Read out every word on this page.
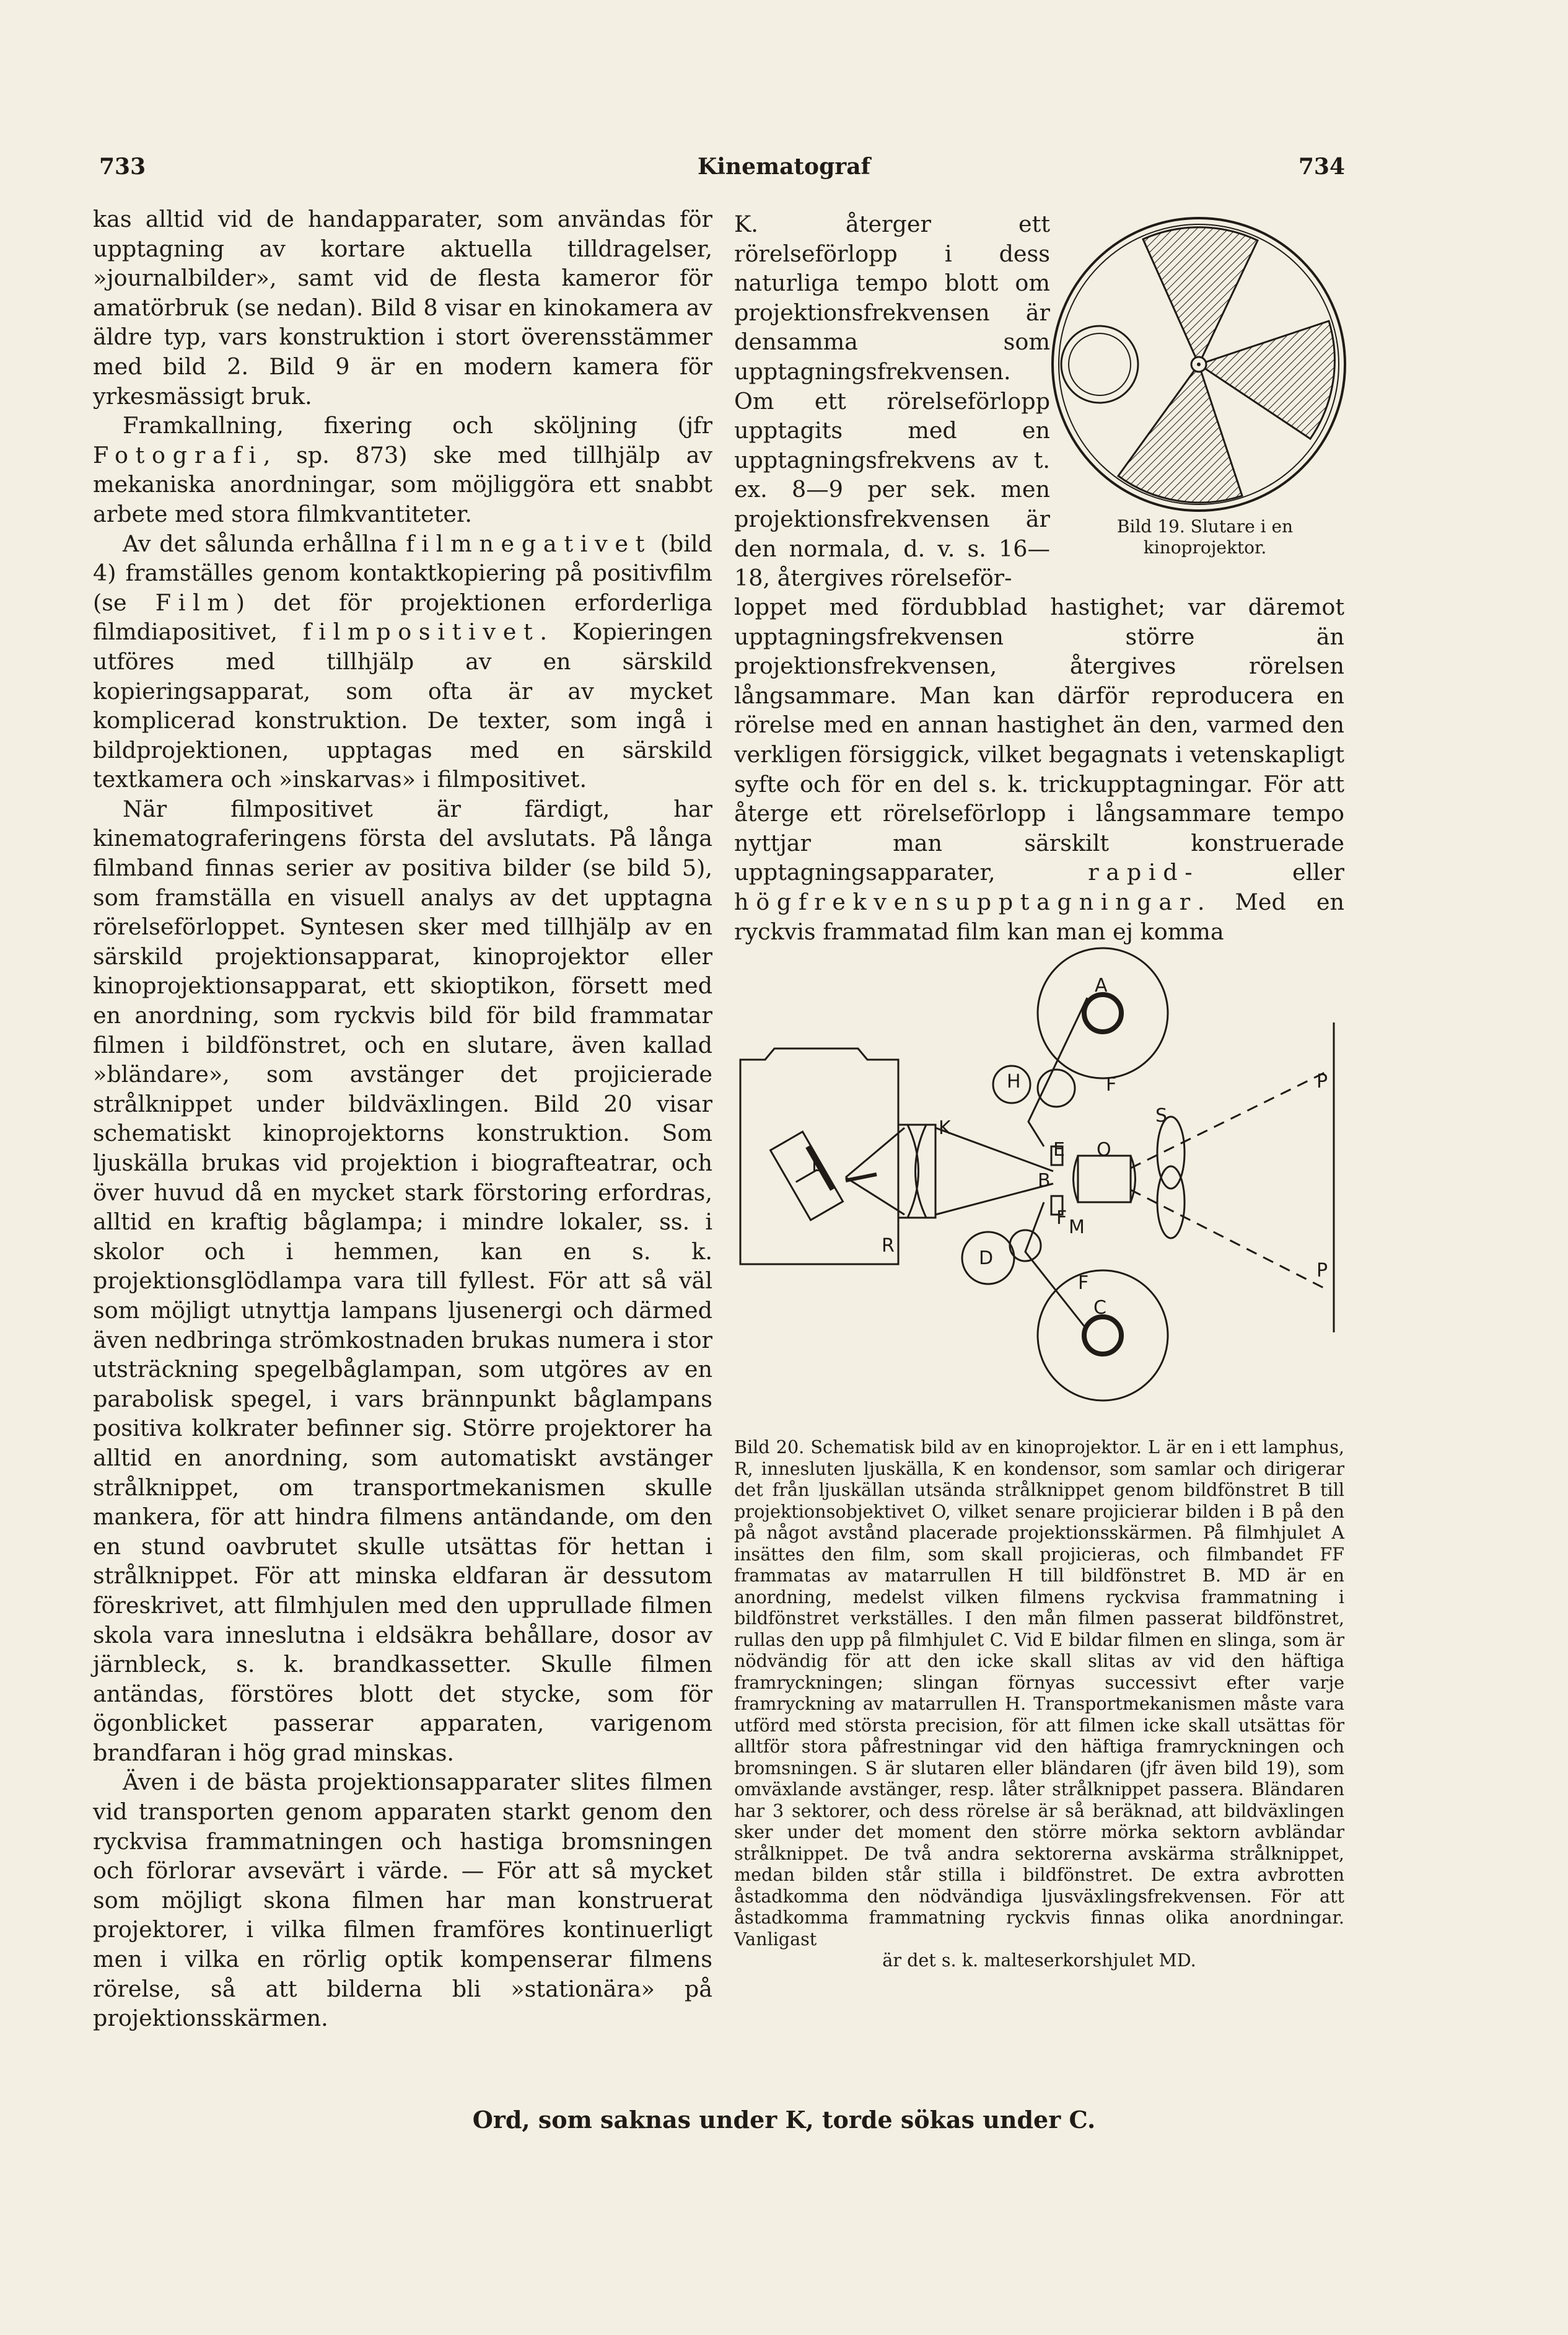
733	Kinematograf	734

kas alltid vid de handapparater, som användas för upptagning av kortare aktuella tilldragelser, »journalbilder», samt vid de flesta kameror för amatörbruk (se nedan). Bild 8 visar en kinokamera av äldre typ, vars konstruktion i stort överensstämmer med bild 2. Bild 9 är en modern kamera för yrkesmässigt bruk.

Framkallning, fixering och sköljning (jfr Fotografi, sp. 873) ske med tillhjälp av mekaniska anordningar, som möjliggöra ett snabbt arbete med stora filmkvantiteter.

Av det sålunda erhållna filmnegativet (bild 4) framställes genom kontaktkopiering på positivfilm (se Film) det för projektionen erforderliga filmdiapositivet, filmpositivet. Kopieringen utföres med tillhjälp av en särskild kopieringsapparat, som ofta är av mycket komplicerad konstruktion. De texter, som ingå i bildprojektionen, upptagas med en särskild textkamera och »inskarvas» i filmpositivet.

När filmpositivet är färdigt, har kinematograferingens första del avslutats. På långa filmband finnas serier av positiva bilder (se bild 5), som framställa en visuell analys av det upptagna rörelseförloppet. Syntesen sker med tillhjälp av en särskild projektionsapparat, kinoprojektor eller kinoprojektionsapparat, ett skioptikon, försett med en anordning, som ryckvis bild för bild frammatar filmen i bildfönstret, och en slutare, även kallad »bländare», som avstänger det projicierade strålknippet under bildväxlingen. Bild 20 visar schematiskt kinoprojektorns konstruktion. Som ljuskälla brukas vid projektion i biografteatrar, och över huvud då en mycket stark förstoring erfordras, alltid en kraftig båglampa; i mindre lokaler, ss. i skolor och i hemmen, kan en s. k. projektionsglödlampa vara till fyllest. För att så väl som möjligt utnyttja lampans ljusenergi och därmed även nedbringa strömkostnaden brukas numera i stor utsträckning spegelbåglampan, som utgöres av en parabolisk spegel, i vars brännpunkt båglampans positiva kolkrater befinner sig. Större projektorer ha alltid en anordning, som automatiskt avstänger strålknippet, om transportmekanismen skulle mankera, för att hindra filmens antändande, om den en stund oavbrutet skulle utsättas för hettan i strålknippet. För att minska eldfaran är dessutom föreskrivet, att filmhjulen med den upprullade filmen skola vara inneslutna i eldsäkra behållare, dosor av järnbleck, s. k. brandkassetter. Skulle filmen antändas, förstöres blott det stycke, som för ögonblicket passerar apparaten, varigenom brandfaran i hög grad minskas.

Även i de bästa projektionsapparater slites filmen vid transporten genom apparaten starkt genom den ryckvisa frammatningen och hastiga bromsningen och förlorar avsevärt i värde. — För att så mycket som möjligt skona filmen har man konstruerat projektorer, i vilka filmen framföres kontinuerligt men i vilka en rörlig optik kompenserar filmens rörelse, så att bilderna bli »stationära» på projektionsskärmen.

K. återger ett rörelseförlopp i dess naturliga tempo blott om projektionsfrekvensen är densamma som upptagningsfrekvensen. Om ett rörelseförlopp upptagits med en upptagningsfrekvens av t. ex. 8—9 per sek. men projektionsfrekvensen är den normala, d. v. s. 16—18, återgives rörelseför-

Bild 19. Slutare i en kinoprojektor.

loppet med fördubblad hastighet; var däremot upptagningsfrekvensen större än projektionsfrekvensen, återgives rörelsen långsammare. Man kan därför reproducera en rörelse med en annan hastighet än den, varmed den verkligen försiggick, vilket begagnats i vetenskapligt syfte och för en del s. k. trickupptagningar. För att återge ett rörelseförlopp i långsammare tempo nyttjar man särskilt konstruerade upptagningsapparater, rapid- eller högfrekvensupptagningar. Med en ryckvis frammatad film kan man ej komma

A
F
H
K
S
L
E O
B
P
R
M
F
D
P
F
C
Bild 20. Schematisk bild av en kinoprojektor. L är en i ett lamphus, R, innesluten ljuskälla, K en kondensor, som samlar och dirigerar det från ljuskällan utsända strålknippet genom bildfönstret B till projektionsobjektivet O, vilket senare projicierar bilden i B på den på något avstånd placerade projektionsskärmen. På filmhjulet A insättes den film, som skall projicieras, och filmbandet FF frammatas av matarrullen H till bildfönstret B. MD är en anordning, medelst vilken filmens ryckvisa frammatning i bildfönstret verkställes. I den mån filmen passerat bildfönstret, rullas den upp på filmhjulet C. Vid E bildar filmen en slinga, som är nödvändig för att den icke skall slitas av vid den häftiga framryckningen; slingan förnyas successivt efter varje framryckning av matarrullen H. Transportmekanismen måste vara utförd med största precision, för att filmen icke skall utsättas för alltför stora påfrestningar vid den häftiga framryckningen och bromsningen. S är slutaren eller bländaren (jfr även bild 19), som omväxlande avstänger, resp. låter strålknippet passera. Bländaren har 3 sektorer, och dess rörelse är så beräknad, att bildväxlingen sker under det moment den större mörka sektorn avbländar strålknippet. De två andra sektorerna avskärma strålknippet, medan bilden står stilla i bildfönstret. De extra avbrotten åstadkomma den nödvändiga ljusväxlingsfrekvensen. För att åstadkomma frammatning ryckvis finnas olika anordningar. Vanligast
är det s. k. malteserkorshjulet MD.
Ord, som saknas under K, torde sökas under C.
